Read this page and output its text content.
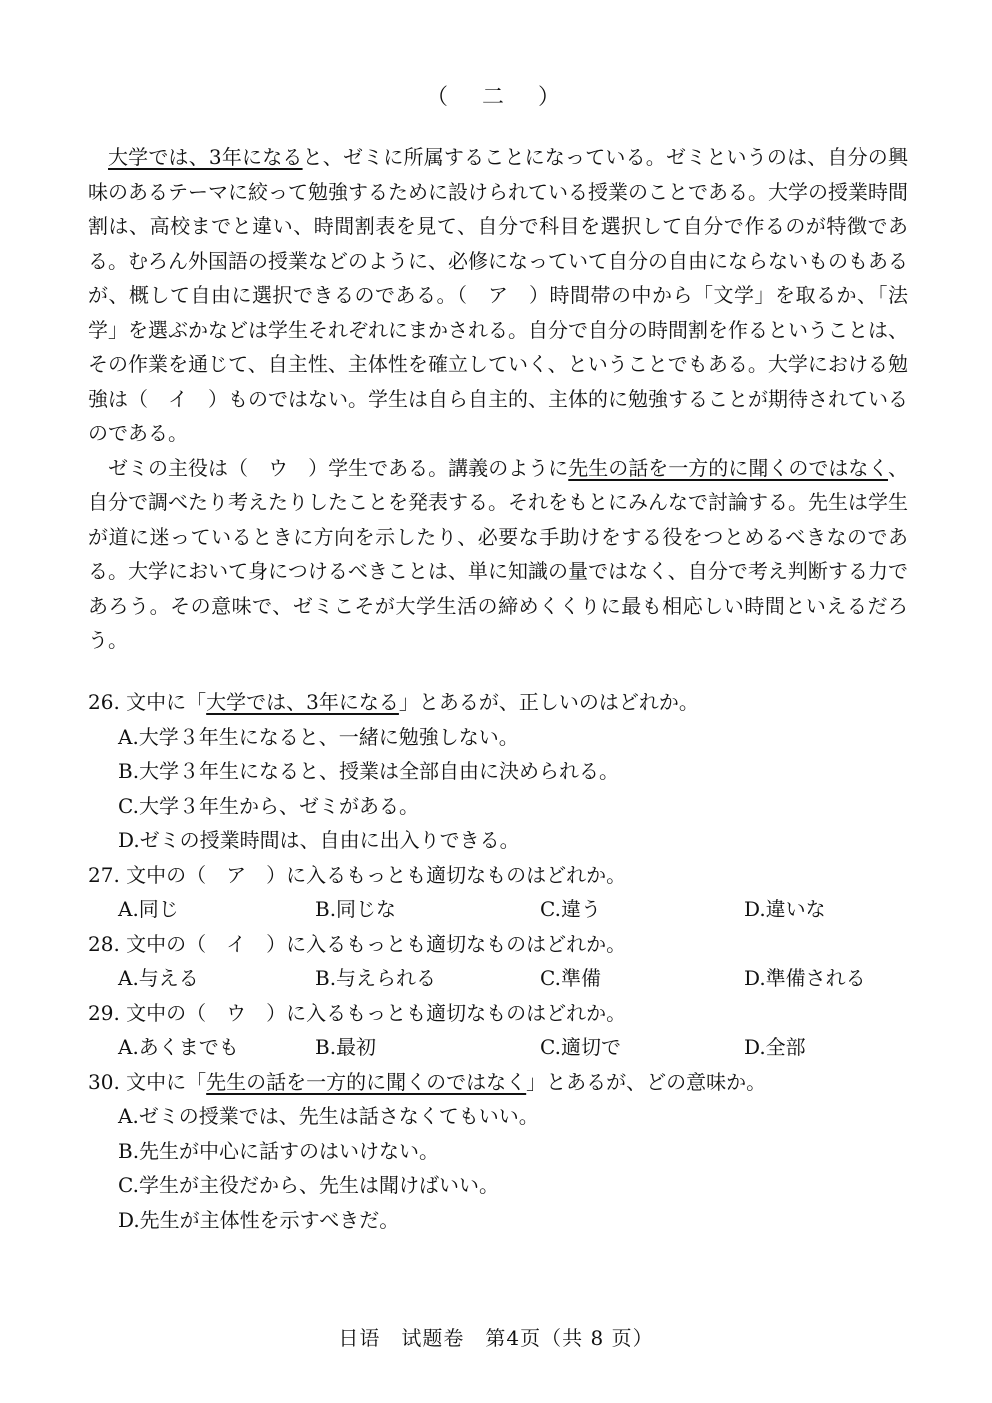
（　二　）

大学では、3年になると、ゼミに所属することになっている。ゼミというのは、自分の興味のあるテーマに絞って勉強するために設けられている授業のことである。大学の授業時間割は、高校までと違い、時間割表を見て、自分で科目を選択して自分で作るのが特徴である。むろん外国語の授業などのように、必修になっていて自分の自由にならないものもあるが、概して自由に選択できるのである。（　ア　）時間帯の中から「文学」を取るか、「法学」を選ぶかなどは学生それぞれにまかされる。自分で自分の時間割を作るということは、その作業を通じて、自主性、主体性を確立していく、ということでもある。大学における勉強は（　イ　）ものではない。学生は自ら自主的、主体的に勉強することが期待されているのである。

ゼミの主役は（　ウ　）学生である。講義のように先生の話を一方的に聞くのではなく、自分で調べたり考えたりしたことを発表する。それをもとにみんなで討論する。先生は学生が道に迷っているときに方向を示したり、必要な手助けをする役をつとめるべきなのである。大学において身につけるべきことは、単に知識の量ではなく、自分で考え判断する力であろう。その意味で、ゼミこそが大学生活の締めくくりに最も相応しい時間といえるだろう。

26. 文中に「大学では、3年になる」とあるが、正しいのはどれか。
A.大学３年生になると、一緒に勉強しない。
B.大学３年生になると、授業は全部自由に決められる。
C.大学３年生から、ゼミがある。
D.ゼミの授業時間は、自由に出入りできる。
27. 文中の（　ア　）に入るもっとも適切なものはどれか。
A.同じ	B.同じな	C.違う	D.違いな
28. 文中の（　イ　）に入るもっとも適切なものはどれか。
A.与える	B.与えられる	C.準備	D.準備される
29. 文中の（　ウ　）に入るもっとも適切なものはどれか。
A.あくまでも	B.最初	C.適切で	D.全部
30. 文中に「先生の話を一方的に聞くのではなく」とあるが、どの意味か。
A.ゼミの授業では、先生は話さなくてもいい。
B.先生が中心に話すのはいけない。
C.学生が主役だから、先生は聞けばいい。
D.先生が主体性を示すべきだ。
日语　试题卷　第4页（共 8 页）
